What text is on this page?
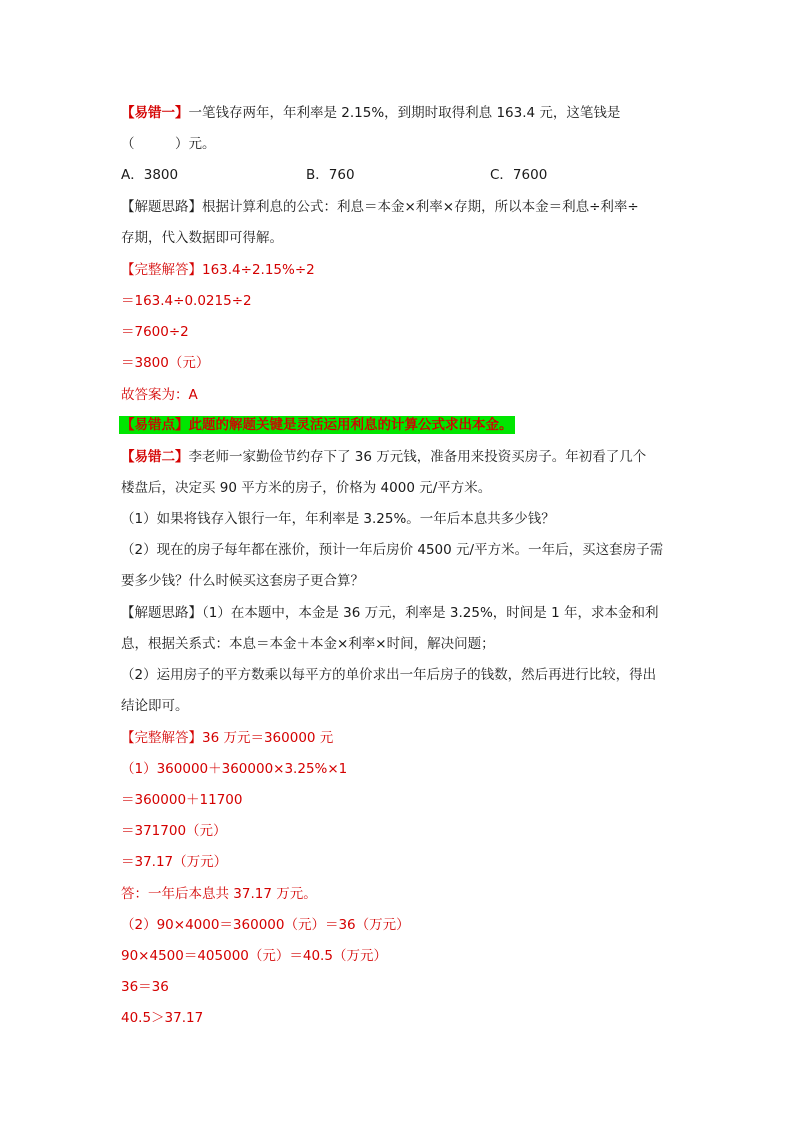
【易错一】一笔钱存两年，年利率是 2.15%，到期时取得利息 163.4 元，这笔钱是
（　　　）元。
A．3800	B．760	C．7600
【解题思路】根据计算利息的公式：利息＝本金×利率×存期，所以本金＝利息÷利率÷
存期，代入数据即可得解。
【完整解答】163.4÷2.15%÷2
＝163.4÷0.0215÷2
＝7600÷2
＝3800（元）
故答案为：A
【易错点】此题的解题关键是灵活运用利息的计算公式求出本金。
【易错二】李老师一家勤俭节约存下了 36 万元钱，准备用来投资买房子。年初看了几个
楼盘后，决定买 90 平方米的房子，价格为 4000 元/平方米。
（1）如果将钱存入银行一年，年利率是 3.25%。一年后本息共多少钱？
（2）现在的房子每年都在涨价，预计一年后房价 4500 元/平方米。一年后，买这套房子需
要多少钱？什么时候买这套房子更合算？
【解题思路】（1）在本题中，本金是 36 万元，利率是 3.25%，时间是 1 年，求本金和利
息，根据关系式：本息＝本金＋本金×利率×时间，解决问题；
（2）运用房子的平方数乘以每平方的单价求出一年后房子的钱数，然后再进行比较，得出
结论即可。
【完整解答】36 万元＝360000 元
（1）360000＋360000×3.25%×1
＝360000＋11700
＝371700（元）
＝37.17（万元）
答：一年后本息共 37.17 万元。
（2）90×4000＝360000（元）＝36（万元）
90×4500＝405000（元）＝40.5（万元）
36＝36
40.5＞37.17
